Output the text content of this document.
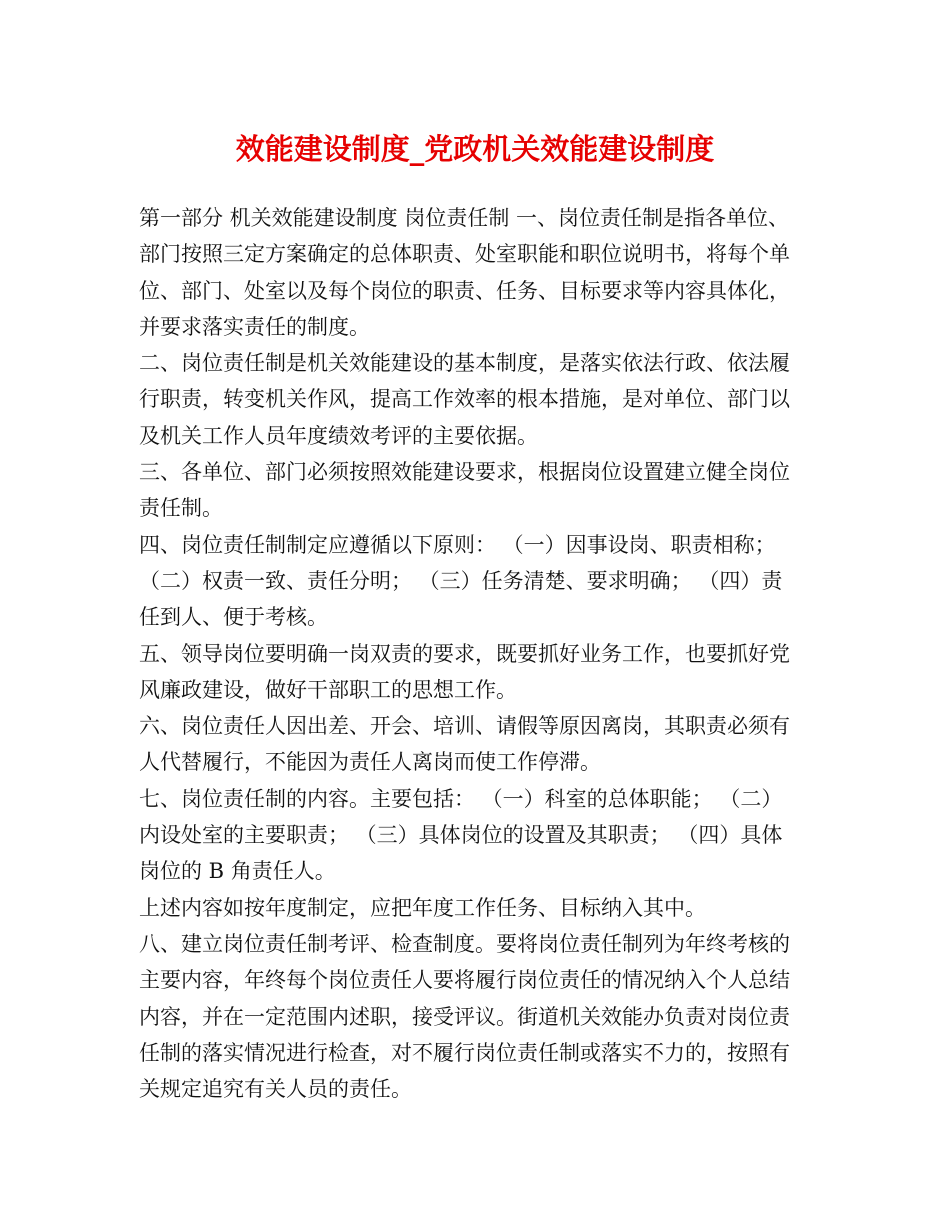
效能建设制度_党政机关效能建设制度
第一部分 机关效能建设制度 岗位责任制 一、岗位责任制是指各单位、
部门按照三定方案确定的总体职责、处室职能和职位说明书，将每个单
位、部门、处室以及每个岗位的职责、任务、目标要求等内容具体化，
并要求落实责任的制度。
二、岗位责任制是机关效能建设的基本制度，是落实依法行政、依法履
行职责，转变机关作风，提高工作效率的根本措施，是对单位、部门以
及机关工作人员年度绩效考评的主要依据。
三、各单位、部门必须按照效能建设要求，根据岗位设置建立健全岗位
责任制。
四、岗位责任制制定应遵循以下原则： （一）因事设岗、职责相称；
（二）权责一致、责任分明； （三）任务清楚、要求明确； （四）责
任到人、便于考核。
五、领导岗位要明确一岗双责的要求，既要抓好业务工作，也要抓好党
风廉政建设，做好干部职工的思想工作。
六、岗位责任人因出差、开会、培训、请假等原因离岗，其职责必须有
人代替履行，不能因为责任人离岗而使工作停滞。
七、岗位责任制的内容。主要包括： （一）科室的总体职能； （二）
内设处室的主要职责； （三）具体岗位的设置及其职责； （四）具体
岗位的 B 角责任人。
上述内容如按年度制定，应把年度工作任务、目标纳入其中。
八、建立岗位责任制考评、检查制度。要将岗位责任制列为年终考核的
主要内容，年终每个岗位责任人要将履行岗位责任的情况纳入个人总结
内容，并在一定范围内述职，接受评议。街道机关效能办负责对岗位责
任制的落实情况进行检查，对不履行岗位责任制或落实不力的，按照有
关规定追究有关人员的责任。
